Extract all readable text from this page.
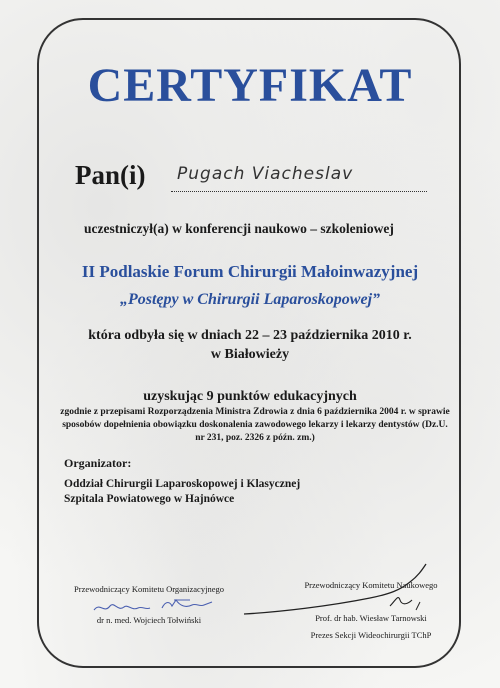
CERTYFIKAT
Pan(i)	Pugach Viacheslav
uczestniczył(a) w konferencji naukowo – szkoleniowej
II Podlaskie Forum Chirurgii Małoinwazyjnej
„Postępy w Chirurgii Laparoskopowej”
która odbyła się w dniach 22 – 23 października 2010 r.
w Białowieży
uzyskując 9 punktów edukacyjnych
zgodnie z przepisami Rozporządzenia Ministra Zdrowia z dnia 6 października 2004 r. w sprawie sposobów dopełnienia obowiązku doskonalenia zawodowego lekarzy i lekarzy dentystów (Dz.U. nr 231, poz. 2326 z późn. zm.)
Organizator:
Oddział Chirurgii Laparoskopowej i Klasycznej
Szpitala Powiatowego w Hajnówce
Przewodniczący Komitetu Organizacyjnego
dr n. med. Wojciech Tołwiński
Przewodniczący Komitetu Naukowego
Prof. dr hab. Wiesław Tarnowski
Prezes Sekcji Wideochirurgii TChP
